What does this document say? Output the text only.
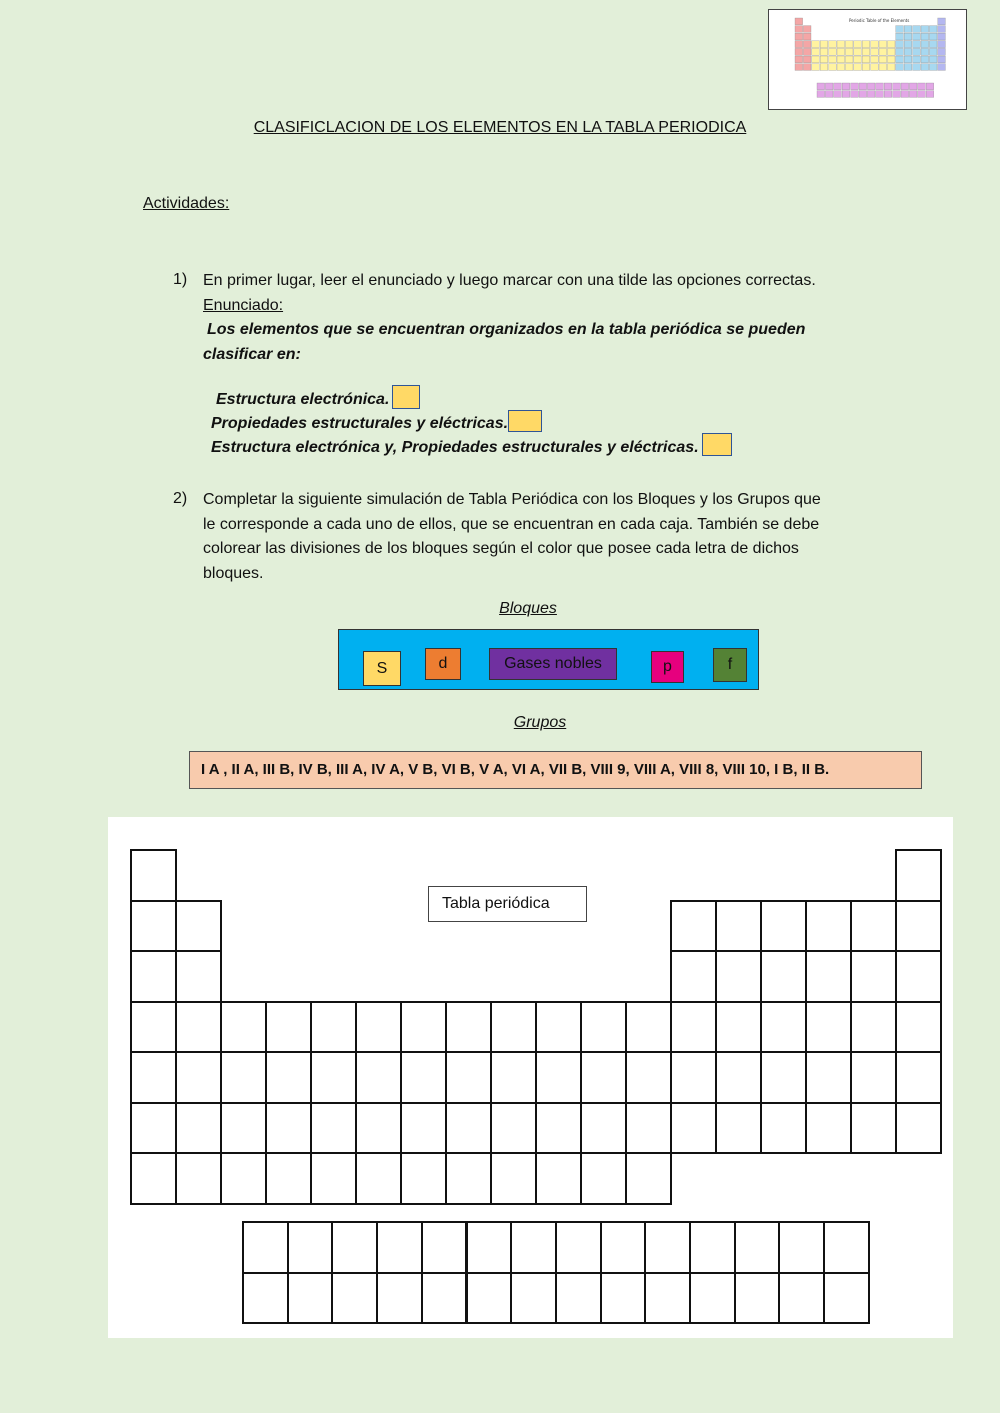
Periodic Table of the Elements
CLASIFICLACION DE LOS ELEMENTOS EN LA TABLA PERIODICA
Actividades:
1) En primer lugar, leer el enunciado y luego marcar con una tilde las opciones correctas.
Enunciado:
Los elementos que se encuentran organizados en la tabla periódica se pueden
clasificar en:
Estructura electrónica.
Propiedades estructurales y eléctricas.
Estructura electrónica y, Propiedades estructurales y eléctricas.
2) Completar la siguiente simulación de Tabla Periódica con los Bloques y los Grupos que
le corresponde a cada uno de ellos, que se encuentran en cada caja. También se debe
colorear las divisiones de los bloques según el color que posee cada letra de dichos
bloques.
Bloques
S	d	Gases nobles	p	f
Grupos
I A , II A, III B, IV B, III A, IV A, V B, VI B, V A, VI A, VII B, VIII 9, VIII A, VIII 8, VIII 10, I B, II B.
Tabla periódica
